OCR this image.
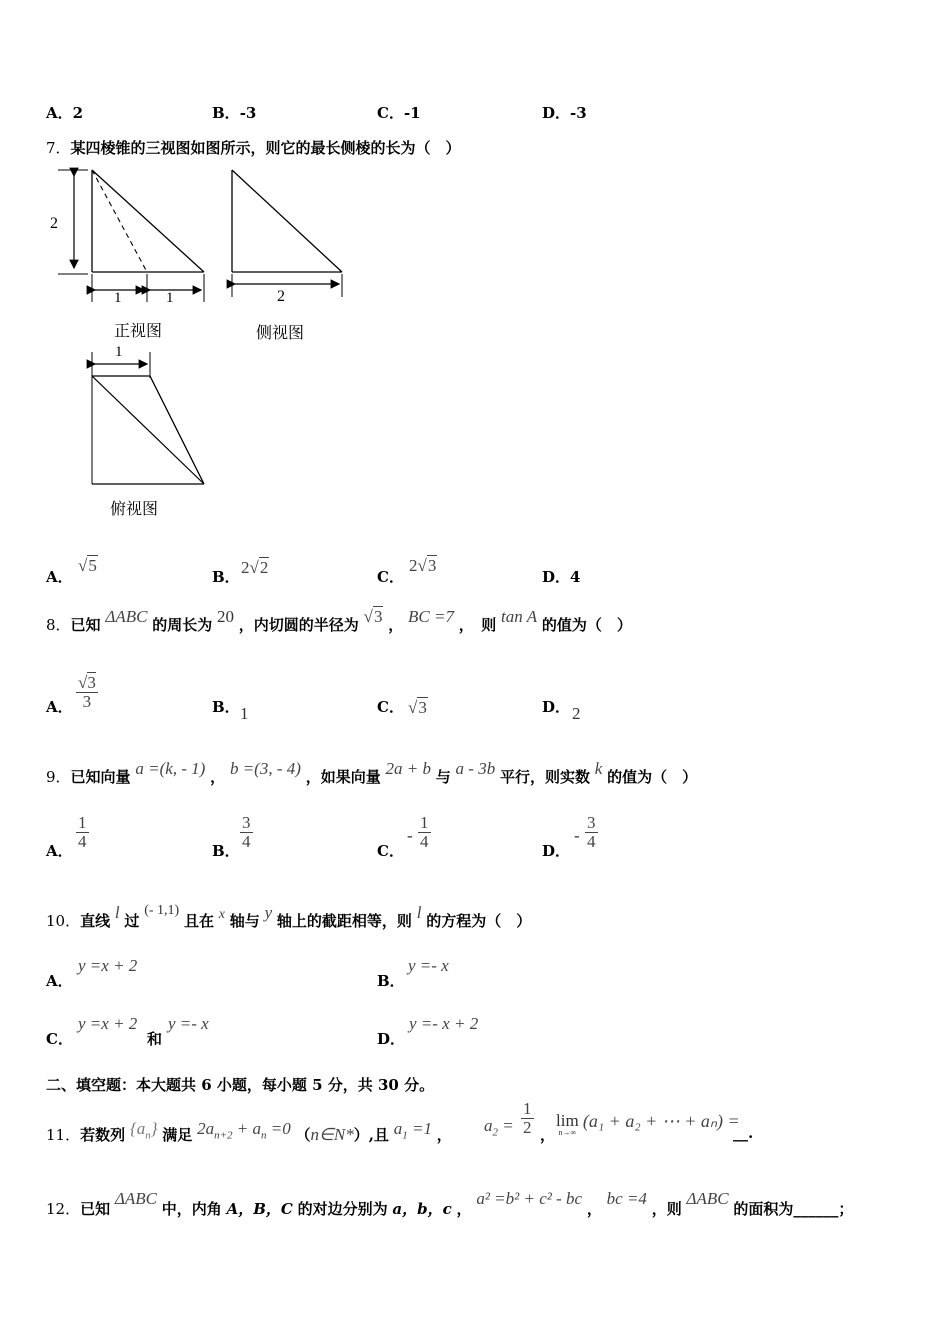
A．2	B．-3	C．-1	D．-3
7．某四棱锥的三视图如图所示，则它的最长侧棱的长为（　）
2
1	1	2
1
正视图	侧视图
俯视图
A．
√5
B． 2√2	C．
2√3
D．4
8．已知 ΔABC 的周长为 20 ，内切圆的半径为 √3 ， BC =7 ，　则 tan A 的值为（　）
A． $\frac{√3}{3}$	B． 1	C． √3	D． 2
9．已知向量 a =(k, - 1) ， b =(3, - 4) ，如果向量 2a + b 与 a - 3b 平行，则实数 k 的值为（　）
A．
$\frac{1}{4}$
B．
$\frac{3}{4}$
C．
- $\frac{1}{4}$
D．
- $\frac{3}{4}$
10．直线 l 过 (- 1,1) 且在 x 轴与 y 轴上的截距相等，则 l 的方程为（　）
A．
y =x + 2
B．
y =- x
C．
y =x + 2
和
y =- x
D．
y =- x + 2
二、填空题：本大题共 6 小题，每小题 5 分，共 30 分。
11．若数列 $\{a_n\}$ 满足 $2a_{n+2} + a_n =0$ （n∈N*）,且 $a_1 =1$ ， $a_2 = \frac{1}{2}$ ，
lim
n→∞
(a₁ + a₂ + ⋯ + aₙ) =
__.
12．已知 ΔABC 中，内角 A，B，C 的对边分别为 a，b，c ， a² =b² + c² - bc ， bc =4 ，则 ΔABC 的面积为______；
